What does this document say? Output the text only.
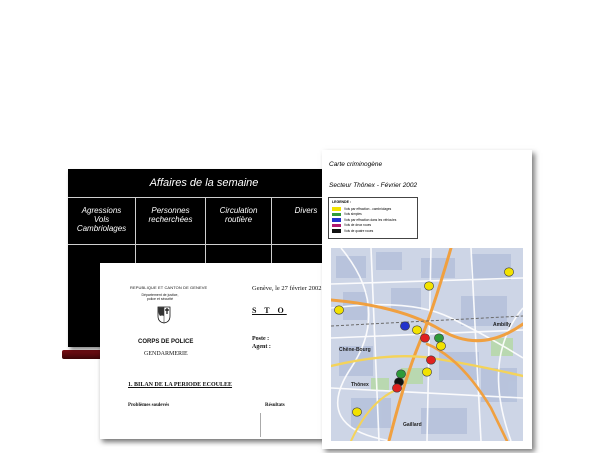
Affaires de la semaine
Agressions
Vols
Cambriolages
Personnes
recherchées
Circulation
routière
Divers
REPUBLIQUE ET CANTON DE GENEVE
Département de justice, police et sécurité
CORPS DE POLICE
GENDARMERIE
Genève, le 27 février 2002
S T O
Poste :
Agent :
1. BILAN DE LA PERIODE ECOULEE
Problèmes soulevés	Résultats
Carte criminogène
Secteur Thônex - Février 2002
LEGENDE :
Vols par effraction - cambriolages
Vols simples
Vols par effraction dans les véhicules
Vols de deux roues
Vols de quatre roues
Ambilly
Chêne-Bourg
Thônex
Gaillard
